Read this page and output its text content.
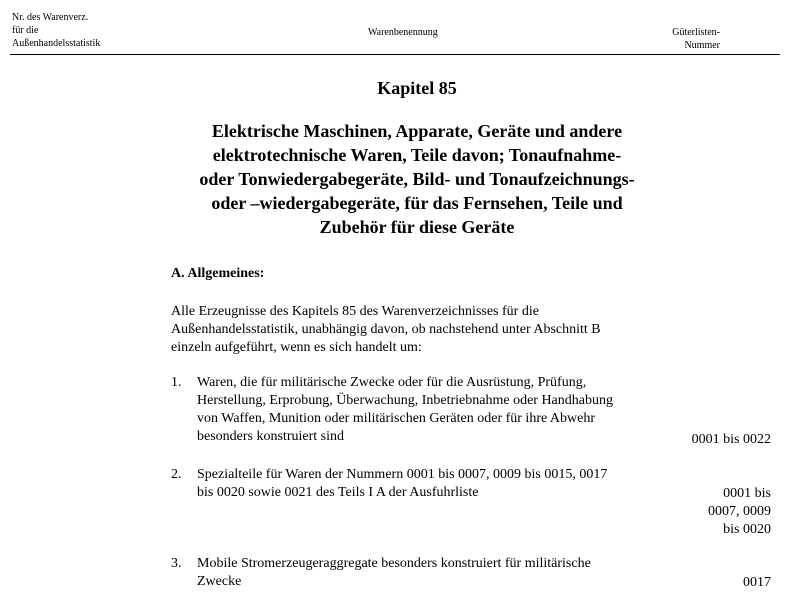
Nr. des Warenverz.
für die
Außenhandelsstatistik
Warenbenennung	Güterlisten-
Nummer
Kapitel 85
Elektrische Maschinen, Apparate, Geräte und andere
elektrotechnische Waren, Teile davon; Tonaufnahme-
oder Tonwiedergabegeräte, Bild- und Tonaufzeichnungs-
oder –wiedergabegeräte, für das Fernsehen, Teile und
Zubehör für diese Geräte
A. Allgemeines:
Alle Erzeugnisse des Kapitels 85 des Warenverzeichnisses für die
Außenhandelsstatistik, unabhängig davon, ob nachstehend unter Abschnitt B
einzeln aufgeführt, wenn es sich handelt um:
1. Waren, die für militärische Zwecke oder für die Ausrüstung, Prüfung,
Herstellung, Erprobung, Überwachung, Inbetriebnahme oder Handhabung
von Waffen, Munition oder militärischen Geräten oder für ihre Abwehr
besonders konstruiert sind	0001 bis 0022
2. Spezialteile für Waren der Nummern 0001 bis 0007, 0009 bis 0015, 0017
bis 0020 sowie 0021 des Teils I A der Ausfuhrliste	0001 bis
0007, 0009
bis 0020
3. Mobile Stromerzeugeraggregate besonders konstruiert für militärische
Zwecke	0017
